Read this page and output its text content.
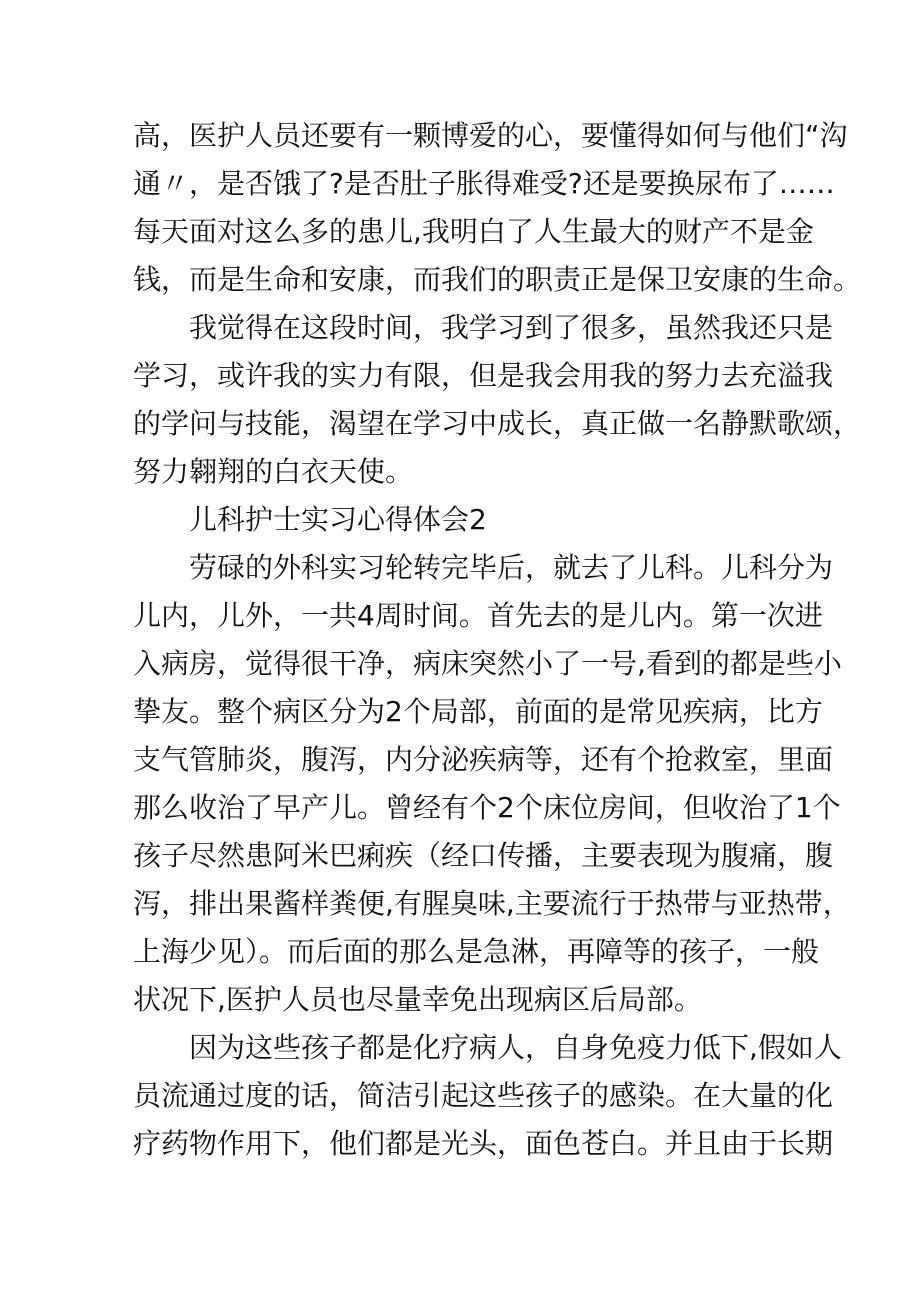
高，医护人员还要有一颗博爱的心，要懂得如何与他们“沟
通〃，是否饿了?是否肚子胀得难受?还是要换尿布了……
每天面对这么多的患儿,我明白了人生最大的财产不是金
钱，而是生命和安康，而我们的职责正是保卫安康的生命。
我觉得在这段时间，我学习到了很多，虽然我还只是
学习，或许我的实力有限，但是我会用我的努力去充溢我
的学问与技能，渴望在学习中成长，真正做一名静默歌颂，
努力翱翔的白衣天使。
儿科护士实习心得体会2
劳碌的外科实习轮转完毕后，就去了儿科。儿科分为
儿内，儿外，一共4周时间。首先去的是儿内。第一次进
入病房，觉得很干净，病床突然小了一号,看到的都是些小
挚友。整个病区分为2个局部，前面的是常见疾病，比方
支气管肺炎，腹泻，内分泌疾病等，还有个抢救室，里面
那么收治了早产儿。曾经有个2个床位房间，但收治了1个
孩子尽然患阿米巴痢疾（经口传播，主要表现为腹痛，腹
泻，排出果酱样粪便,有腥臭味,主要流行于热带与亚热带，
上海少见）。而后面的那么是急淋，再障等的孩子，一般
状况下,医护人员也尽量幸免出现病区后局部。
因为这些孩子都是化疗病人，自身免疫力低下,假如人
员流通过度的话，简洁引起这些孩子的感染。在大量的化
疗药物作用下，他们都是光头，面色苍白。并且由于长期
